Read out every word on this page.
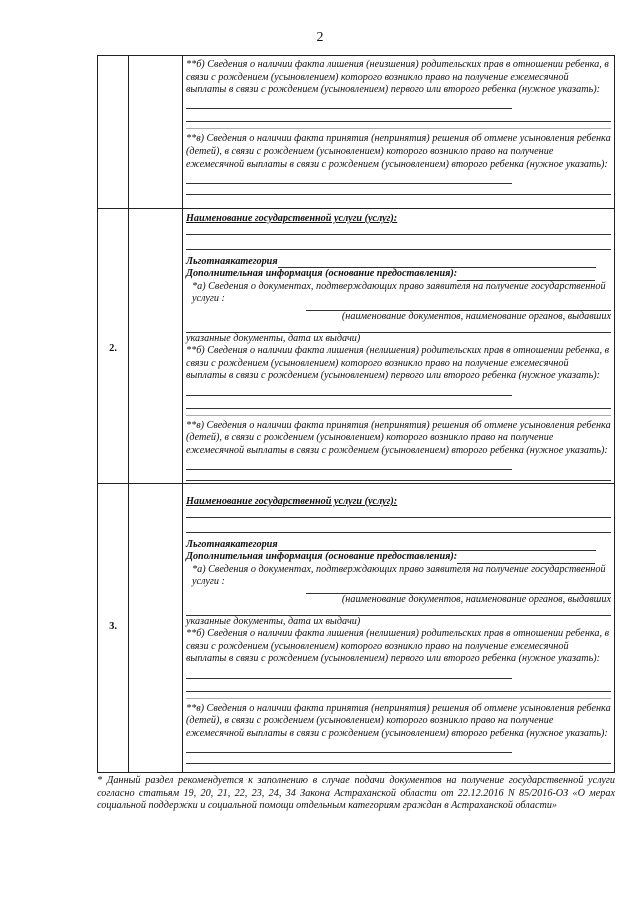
2
**б) Сведения о наличии факта лишения (неизшения) родительских прав в отношении ребенка, в связи с рождением (усыновлением) которого возникло право на получение ежемесячной выплаты в связи с рождением (усыновлением) первого или второго ребенка (нужное указать):
**в) Сведения о наличии факта принятия (непринятия) решения об отмене усыновления ребенка (детей), в связи с рождением (усыновлением) которого возникло право на получение ежемесячной выплаты в связи с рождением (усыновлением) второго ребенка (нужное указать):
2.
Наименование государственной услуги (услуг):
Льготнаякатегория
Дополнительная информация (основание предоставления):
*а) Сведения о документах, подтверждающих право заявителя на получение государственной услуги :
(наименование документов, наименование органов, выдавших
указанные документы, дата их выдачи)
**б) Сведения о наличии факта лишения (нелишения) родительских прав в отношении ребенка, в связи с рождением (усыновлением) которого возникло право на получение ежемесячной выплаты в связи с рождением (усыновлением) первого или второго ребенка (нужное указать):
**в) Сведения о наличии факта принятия (непринятия) решения об отмене усыновления ребенка (детей), в связи с рождением (усыновлением) которого возникло право на получение ежемесячной выплаты в связи с рождением (усыновлением) второго ребенка (нужное указать):
3.
Наименование государственной услуги (услуг):
Льготнаякатегория
Дополнительная информация (основание предоставления):
*а) Сведения о документах, подтверждающих право заявителя на получение государственной услуги :
(наименование документов, наименование органов, выдавших
указанные документы, дата их выдачи)
**б) Сведения о наличии факта лишения (нелишения) родительских прав в отношении ребенка, в связи с рождением (усыновлением) которого возникло право на получение ежемесячной выплаты в связи с рождением (усыновлением) первого или второго ребенка (нужное указать):
**в) Сведения о наличии факта принятия (непринятия) решения об отмене усыновления ребенка (детей), в связи с рождением (усыновлением) которого возникло право на получение ежемесячной выплаты в связи с рождением (усыновлением) второго ребенка (нужное указать):
* Данный раздел рекомендуется к заполнению в случае подачи документов на получение государственной услуги согласно статьям 19, 20, 21, 22, 23, 24, 34 Закона Астраханской области от 22.12.2016 N 85/2016-ОЗ «О мерах социальной поддержки и социальной помощи отдельным категориям граждан в Астраханской области»
